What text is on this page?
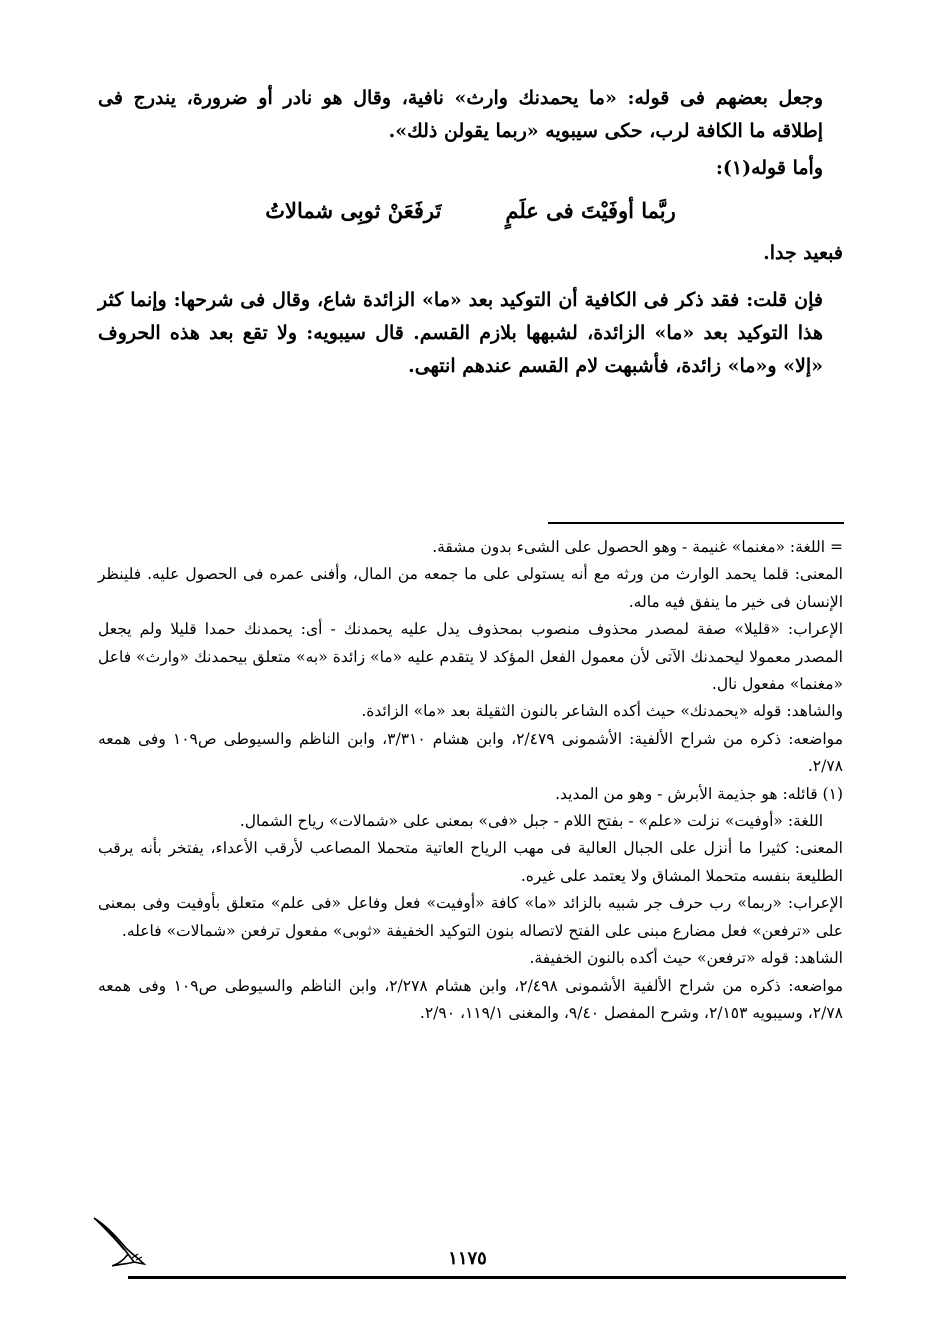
وجعل بعضهم فى قوله: «ما يحمدنك وارث» نافية، وقال هو نادر أو ضرورة، يندرج فى إطلاقه ما الكافة لرب، حكى سيبويه «ربما يقولن ذلك».

وأما قوله(١):

ربَّما أوفَيْتَ فى علَمٍ
تَرفَعَنْ ثوبِى شمالاتُ

فبعيد جدا.

فإن قلت: فقد ذكر فى الكافية أن التوكيد بعد «ما» الزائدة شاع، وقال فى شرحها: وإنما كثر هذا التوكيد بعد «ما» الزائدة، لشبهها بلازم القسم. قال سيبويه: ولا تقع بعد هذه الحروف «إلا» و«ما» زائدة، فأشبهت لام القسم عندهم انتهى.

= اللغة: «مغنما» غنيمة - وهو الحصول على الشىء بدون مشقة.

المعنى: قلما يحمد الوارث من ورثه مع أنه يستولى على ما جمعه من المال، وأفنى عمره فى الحصول عليه. فلينظر الإنسان فى خير ما ينفق فيه ماله.

الإعراب: «قليلا» صفة لمصدر محذوف منصوب بمحذوف يدل عليه يحمدنك - أى: يحمدنك حمدا قليلا ولم يجعل المصدر معمولا ليحمدنك الآتى لأن معمول الفعل المؤكد لا يتقدم عليه «ما» زائدة «به» متعلق بيحمدنك «وارث» فاعل «مغنما» مفعول نال.

والشاهد: قوله «يحمدنك» حيث أكده الشاعر بالنون الثقيلة بعد «ما» الزائدة.

مواضعه: ذكره من شراح الألفية: الأشمونى ٢/٤٧٩، وابن هشام ٣/٣١٠، وابن الناظم والسيوطى ص١٠٩ وفى همعه ٢/٧٨.

(١) قائله: هو جذيمة الأبرش - وهو من المديد.

اللغة: «أوفيت» نزلت «علم» - بفتح اللام - جبل «فى» بمعنى على «شمالات» رياح الشمال.

المعنى: كثيرا ما أنزل على الجبال العالية فى مهب الرياح العاتية متحملا المصاعب لأرقب الأعداء، يفتخر بأنه يرقب الطليعة بنفسه متحملا المشاق ولا يعتمد على غيره.

الإعراب: «ربما» رب حرف جر شبيه بالزائد «ما» كافة «أوفيت» فعل وفاعل «فى علم» متعلق بأوفيت وفى بمعنى على «ترفعن» فعل مضارع مبنى على الفتح لاتصاله بنون التوكيد الخفيفة «ثوبى» مفعول ترفعن «شمالات» فاعله.

الشاهد: قوله «ترفعن» حيث أكده بالنون الخفيفة.

مواضعه: ذكره من شراح الألفية الأشمونى ٢/٤٩٨، وابن هشام ٢/٢٧٨، وابن الناظم والسيوطى ص١٠٩ وفى همعه ٢/٧٨، وسيبويه ٢/١٥٣، وشرح المفصل ٩/٤٠، والمغنى ١١٩/١، ٢/٩٠.

١١٧٥
